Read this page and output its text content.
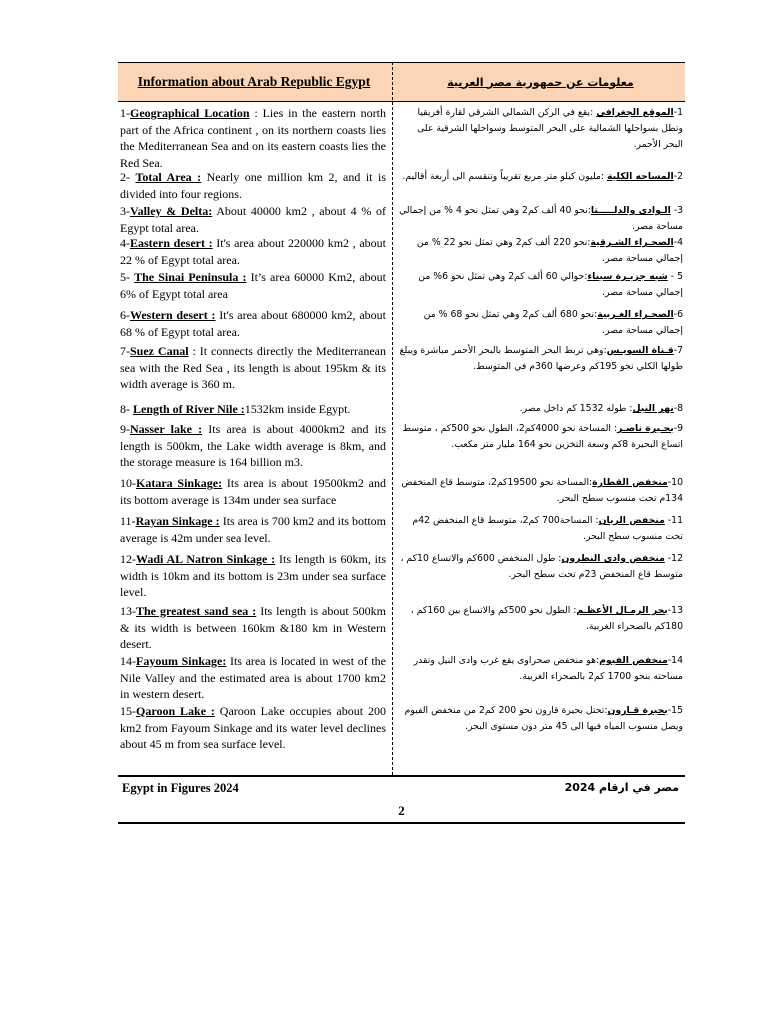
Information about Arab Republic Egypt	معلومات عن جمهورية مصر العربية
1-Geographical Location : Lies in the eastern north part of the Africa continent , on its northern coasts lies the Mediterranean Sea and on its eastern coasts lies the Red Sea.
1-الموقع الجغرافي :يقع في الركن الشمالي الشرقي لقارة أفريقيا وتطل بسواحلها الشمالية على البحر المتوسط وسواحلها الشرقية على البحر الأحمر.
2- Total Area : Nearly one million km 2, and it is divided into four regions.
2-المساحه الكلية :مليون كيلو متر مربع تقريباً وتنقسم الى أربعة أقاليم.
3-Valley & Delta: About 40000 km2 , about 4 % of Egypt total area.
3- الـوادى والدلـــــتا:نحو 40 ألف كم2 وهي تمثل نحو 4 % من إجمالي مساحة مصر.
4-Eastern desert : It's area about 220000 km2 , about 22 % of Egypt total area.
4-الصحـراء الشـرقية:نحو 220 ألف كم2 وهي تمثل نحو 22 % من إجمالي مساحة مصر.
5- The Sinai Peninsula : It’s area 60000 Km2, about 6% of Egypt total area
5 - شبه جزيـرة سيناء:حوالي 60 ألف كم2 وهي تمثل نحو 6% من إجمالي مساحة مصر.
6-Western desert : It's area about 680000 km2, about 68 % of Egypt total area.
6-الصحـراء الغـربية:نحو 680 ألف كم2 وهي تمثل نحو 68 % من إجمالي مساحة مصر.
7-Suez Canal : It connects directly the Mediterranean sea with the Red Sea , its length is about 195km & its width average is 360 m.
7-قـناة السويـس:وهي تربط البحر المتوسط بالبحر الأحمر مباشرة ويبلغ طولها الكلي نحو 195كم وعرضها 360م في المتوسط.
8- Length of River Nile :1532km inside Egypt.	8-نهر النيل: طوله 1532 كم داخل مصر.
9-Nasser lake : Its area is about 4000km2 and its length is 500km, the Lake width average is 8km, and the storage measure is 164 billion m3.
9-بحـيرة ناصـر: المساحة نحو 4000كم2، الطول نحو 500كم ، متوسط اتساع البحيرة 8كم وسعة التخزين نحو 164 مليار متر مكعب.
10-Katara Sinkage: Its area is about 19500km2 and its bottom average is 134m under sea surface
10-منخفض القطارة:المساحة نحو 19500كم2، متوسط قاع المنخفض 134م تحت منسوب سطح البحر.
11-Rayan Sinkage : Its area is 700 km2 and its bottom average is 42m under sea level.
11- منخفض الريان: المساحة700 كم2، متوسط قاع المنخفض 42م تحت منسوب سطح البحر.
12-Wadi AL Natron Sinkage : Its length is 60km, its width is 10km and its bottom is 23m under sea surface level.
12- منخفض وادى النطرون: طول المنخفض 600كم والاتساع 10كم ، متوسط قاع المنخفض 23م تحت سطح البحر.
13-The greatest sand sea : Its length is about 500km & its width is between 160km &180 km in Western desert.
13-بحر الرمـال الأعظـم: الطول نحو 500كم والاتساع بين 160كم ، 180كم بالصحراء الغربية.
14-Fayoum Sinkage: Its area is located in west of the Nile Valley and the estimated area is about 1700 km2 in western desert.
14-منخفض الفيوم:هو منخفض صحراوى يقع غرب وادى النيل وتقدر مساحته بنحو 1700 كم2 بالصحراء الغربية.
15-Qaroon Lake : Qaroon Lake occupies about 200 km2 from Fayoum Sinkage and its water level declines about 45 m from sea surface level.
15-بحيرة قـارون:تحتل بحيرة قارون نحو 200 كم2 من منخفض الفيوم ويصل منسوب المياه فيها الى 45 متر دون مستوى البحر.
Egypt in Figures 2024	مصر في ارقام 2024
2
